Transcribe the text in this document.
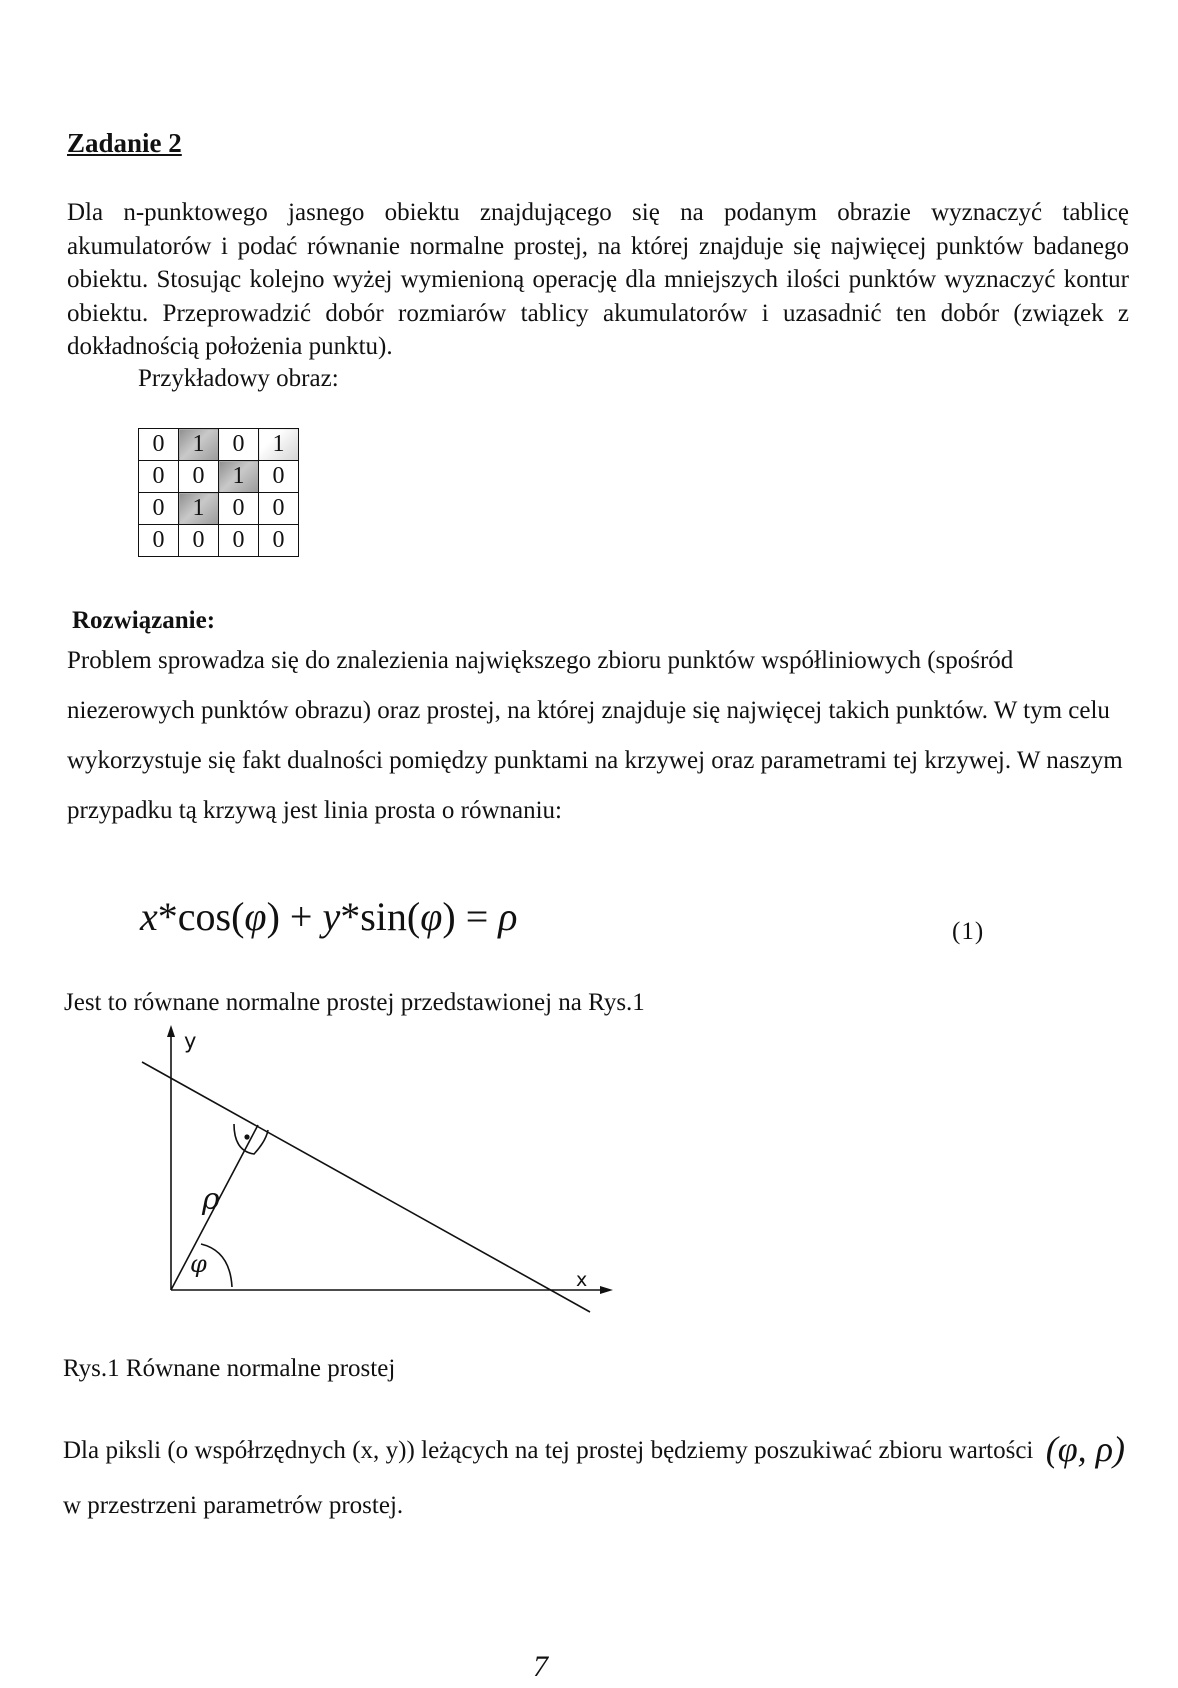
Zadanie 2
Dla n-punktowego jasnego obiektu znajdującego się na podanym obrazie wyznaczyć tablicę akumulatorów i podać równanie normalne prostej, na której znajduje się najwięcej punktów badanego obiektu. Stosując kolejno wyżej wymienioną operację dla mniejszych ilości punktów wyznaczyć kontur obiektu. Przeprowadzić dobór rozmiarów tablicy akumulatorów i uzasadnić ten dobór (związek z dokładnością położenia punktu).
Przykładowy obraz:
0	1	0	1
0	0	1	0
0	1	0	0
0	0	0	0
Rozwiązanie:
Problem sprowadza się do znalezienia największego zbioru punktów współliniowych (spośród niezerowych punktów obrazu) oraz prostej, na której znajduje się najwięcej takich punktów. W tym celu wykorzystuje się fakt dualności pomiędzy punktami na krzywej oraz parametrami tej krzywej. W naszym przypadku tą krzywą jest linia prosta o równaniu:
x*cos(φ) + y*sin(φ) = ρ	(1)
Jest to równane normalne prostej przedstawionej na Rys.1
y
x
ρ
φ
Rys.1 Równane normalne prostej
Dla piksli (o współrzędnych (x, y)) leżących na tej prostej będziemy poszukiwać zbioru wartości (φ, ρ) w przestrzeni parametrów prostej.
7
